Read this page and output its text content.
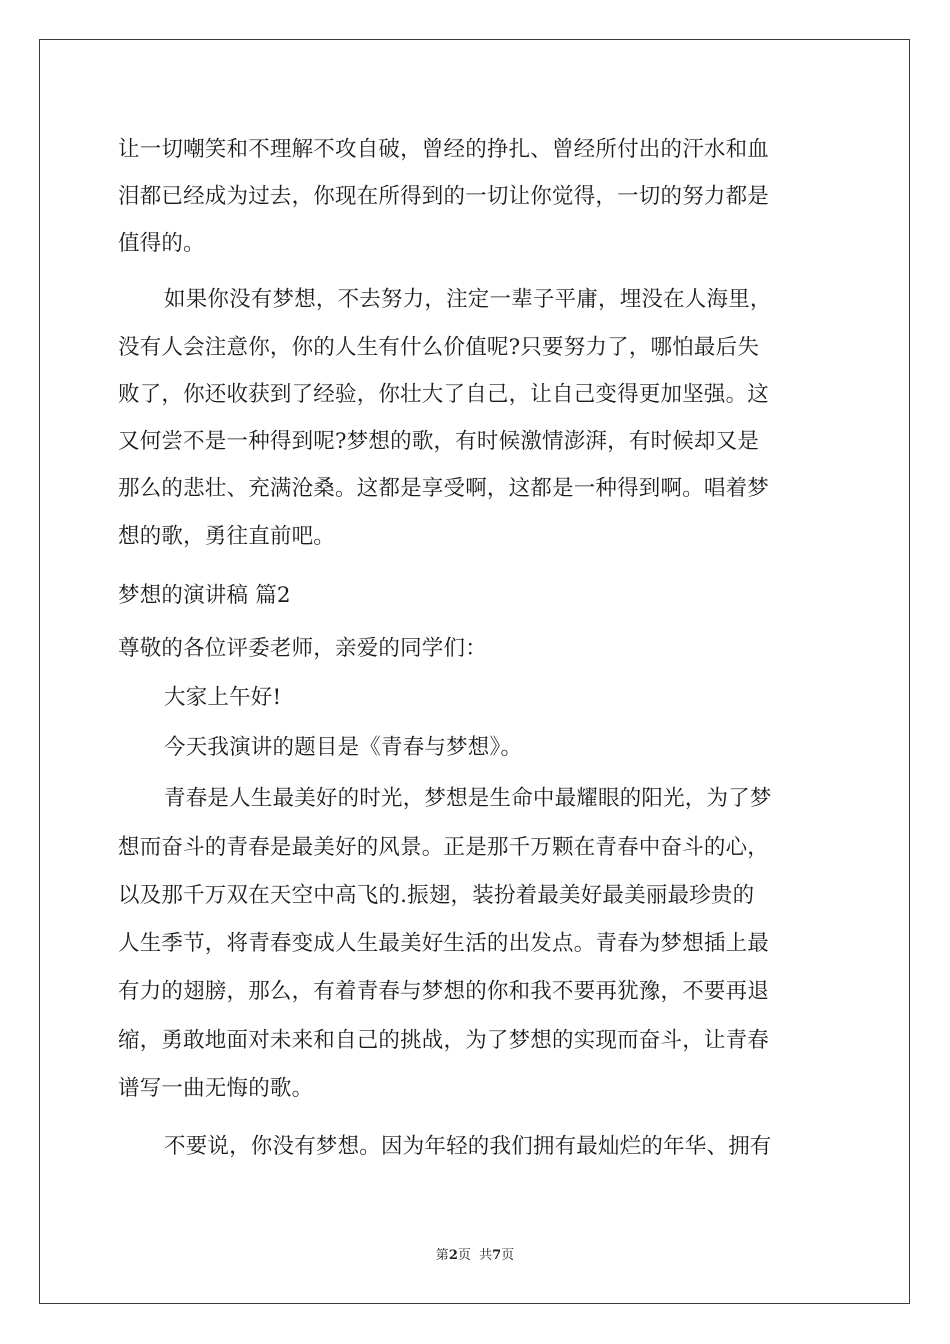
让一切嘲笑和不理解不攻自破，曾经的挣扎、曾经所付出的汗水和血
泪都已经成为过去，你现在所得到的一切让你觉得，一切的努力都是
值得的。
如果你没有梦想，不去努力，注定一辈子平庸，埋没在人海里，
没有人会注意你，你的人生有什么价值呢?只要努力了，哪怕最后失
败了，你还收获到了经验，你壮大了自己，让自己变得更加坚强。这
又何尝不是一种得到呢?梦想的歌，有时候激情澎湃，有时候却又是
那么的悲壮、充满沧桑。这都是享受啊，这都是一种得到啊。唱着梦
想的歌，勇往直前吧。
梦想的演讲稿 篇2
尊敬的各位评委老师，亲爱的同学们：
大家上午好!
今天我演讲的题目是《青春与梦想》。
青春是人生最美好的时光，梦想是生命中最耀眼的阳光，为了梦
想而奋斗的青春是最美好的风景。正是那千万颗在青春中奋斗的心，
以及那千万双在天空中高飞的.振翅，装扮着最美好最美丽最珍贵的
人生季节，将青春变成人生最美好生活的出发点。青春为梦想插上最
有力的翅膀，那么，有着青春与梦想的你和我不要再犹豫，不要再退
缩，勇敢地面对未来和自己的挑战，为了梦想的实现而奋斗，让青春
谱写一曲无悔的歌。
不要说，你没有梦想。因为年轻的我们拥有最灿烂的年华、拥有
第2页  共7页
